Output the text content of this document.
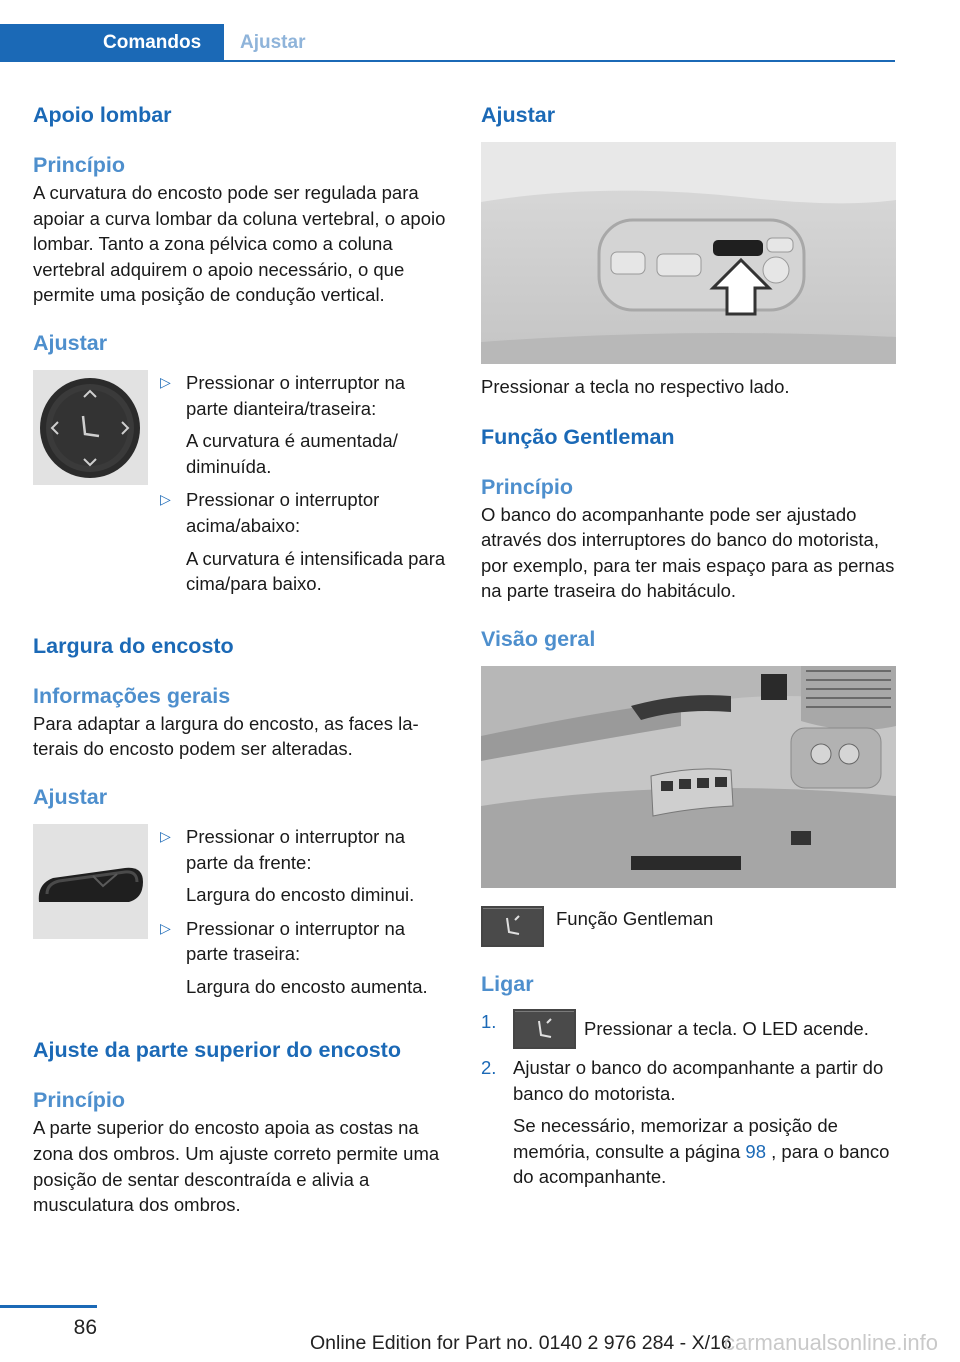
Comandos	Ajustar
Apoio lombar
Princípio

A curvatura do encosto pode ser regulada para apoiar a curva lombar da coluna vertebral, o apoio lombar. Tanto a zona pélvica como a coluna vertebral adquirem o apoio necessário, o que permite uma posição de condução vertical.

Ajustar
▷ Pressionar o interruptor na parte dianteira/traseira:
A curvatura é aumentada/ diminuída.
▷ Pressionar o interruptor acima/abaixo:
A curvatura é intensificada para cima/para baixo.
Largura do encosto
Informações gerais

Para adaptar a largura do encosto, as faces laterais do encosto podem ser alteradas.

Ajustar
▷ Pressionar o interruptor na parte da frente:
Largura do encosto diminui.
▷ Pressionar o interruptor na parte traseira:
Largura do encosto aumenta.
Ajuste da parte superior do encosto
Princípio

A parte superior do encosto apoia as costas na zona dos ombros. Um ajuste correto permite uma posição de sentar descontraída e alivia a musculatura dos ombros.

Ajustar

Pressionar a tecla no respectivo lado.

Função Gentleman
Princípio

O banco do acompanhante pode ser ajustado através dos interruptores do banco do motorista, por exemplo, para ter mais espaço para as pernas na parte traseira do habitáculo.

Visão geral

Função Gentleman

Ligar
1.	Pressionar a tecla. O LED acende.
2. Ajustar o banco do acompanhante a partir do banco do motorista.
Se necessário, memorizar a posição de memória, consulte a página 98 , para o banco do acompanhante.
86
Online Edition for Part no. 0140 2 976 284 - X/16
carmanualsonline.info
